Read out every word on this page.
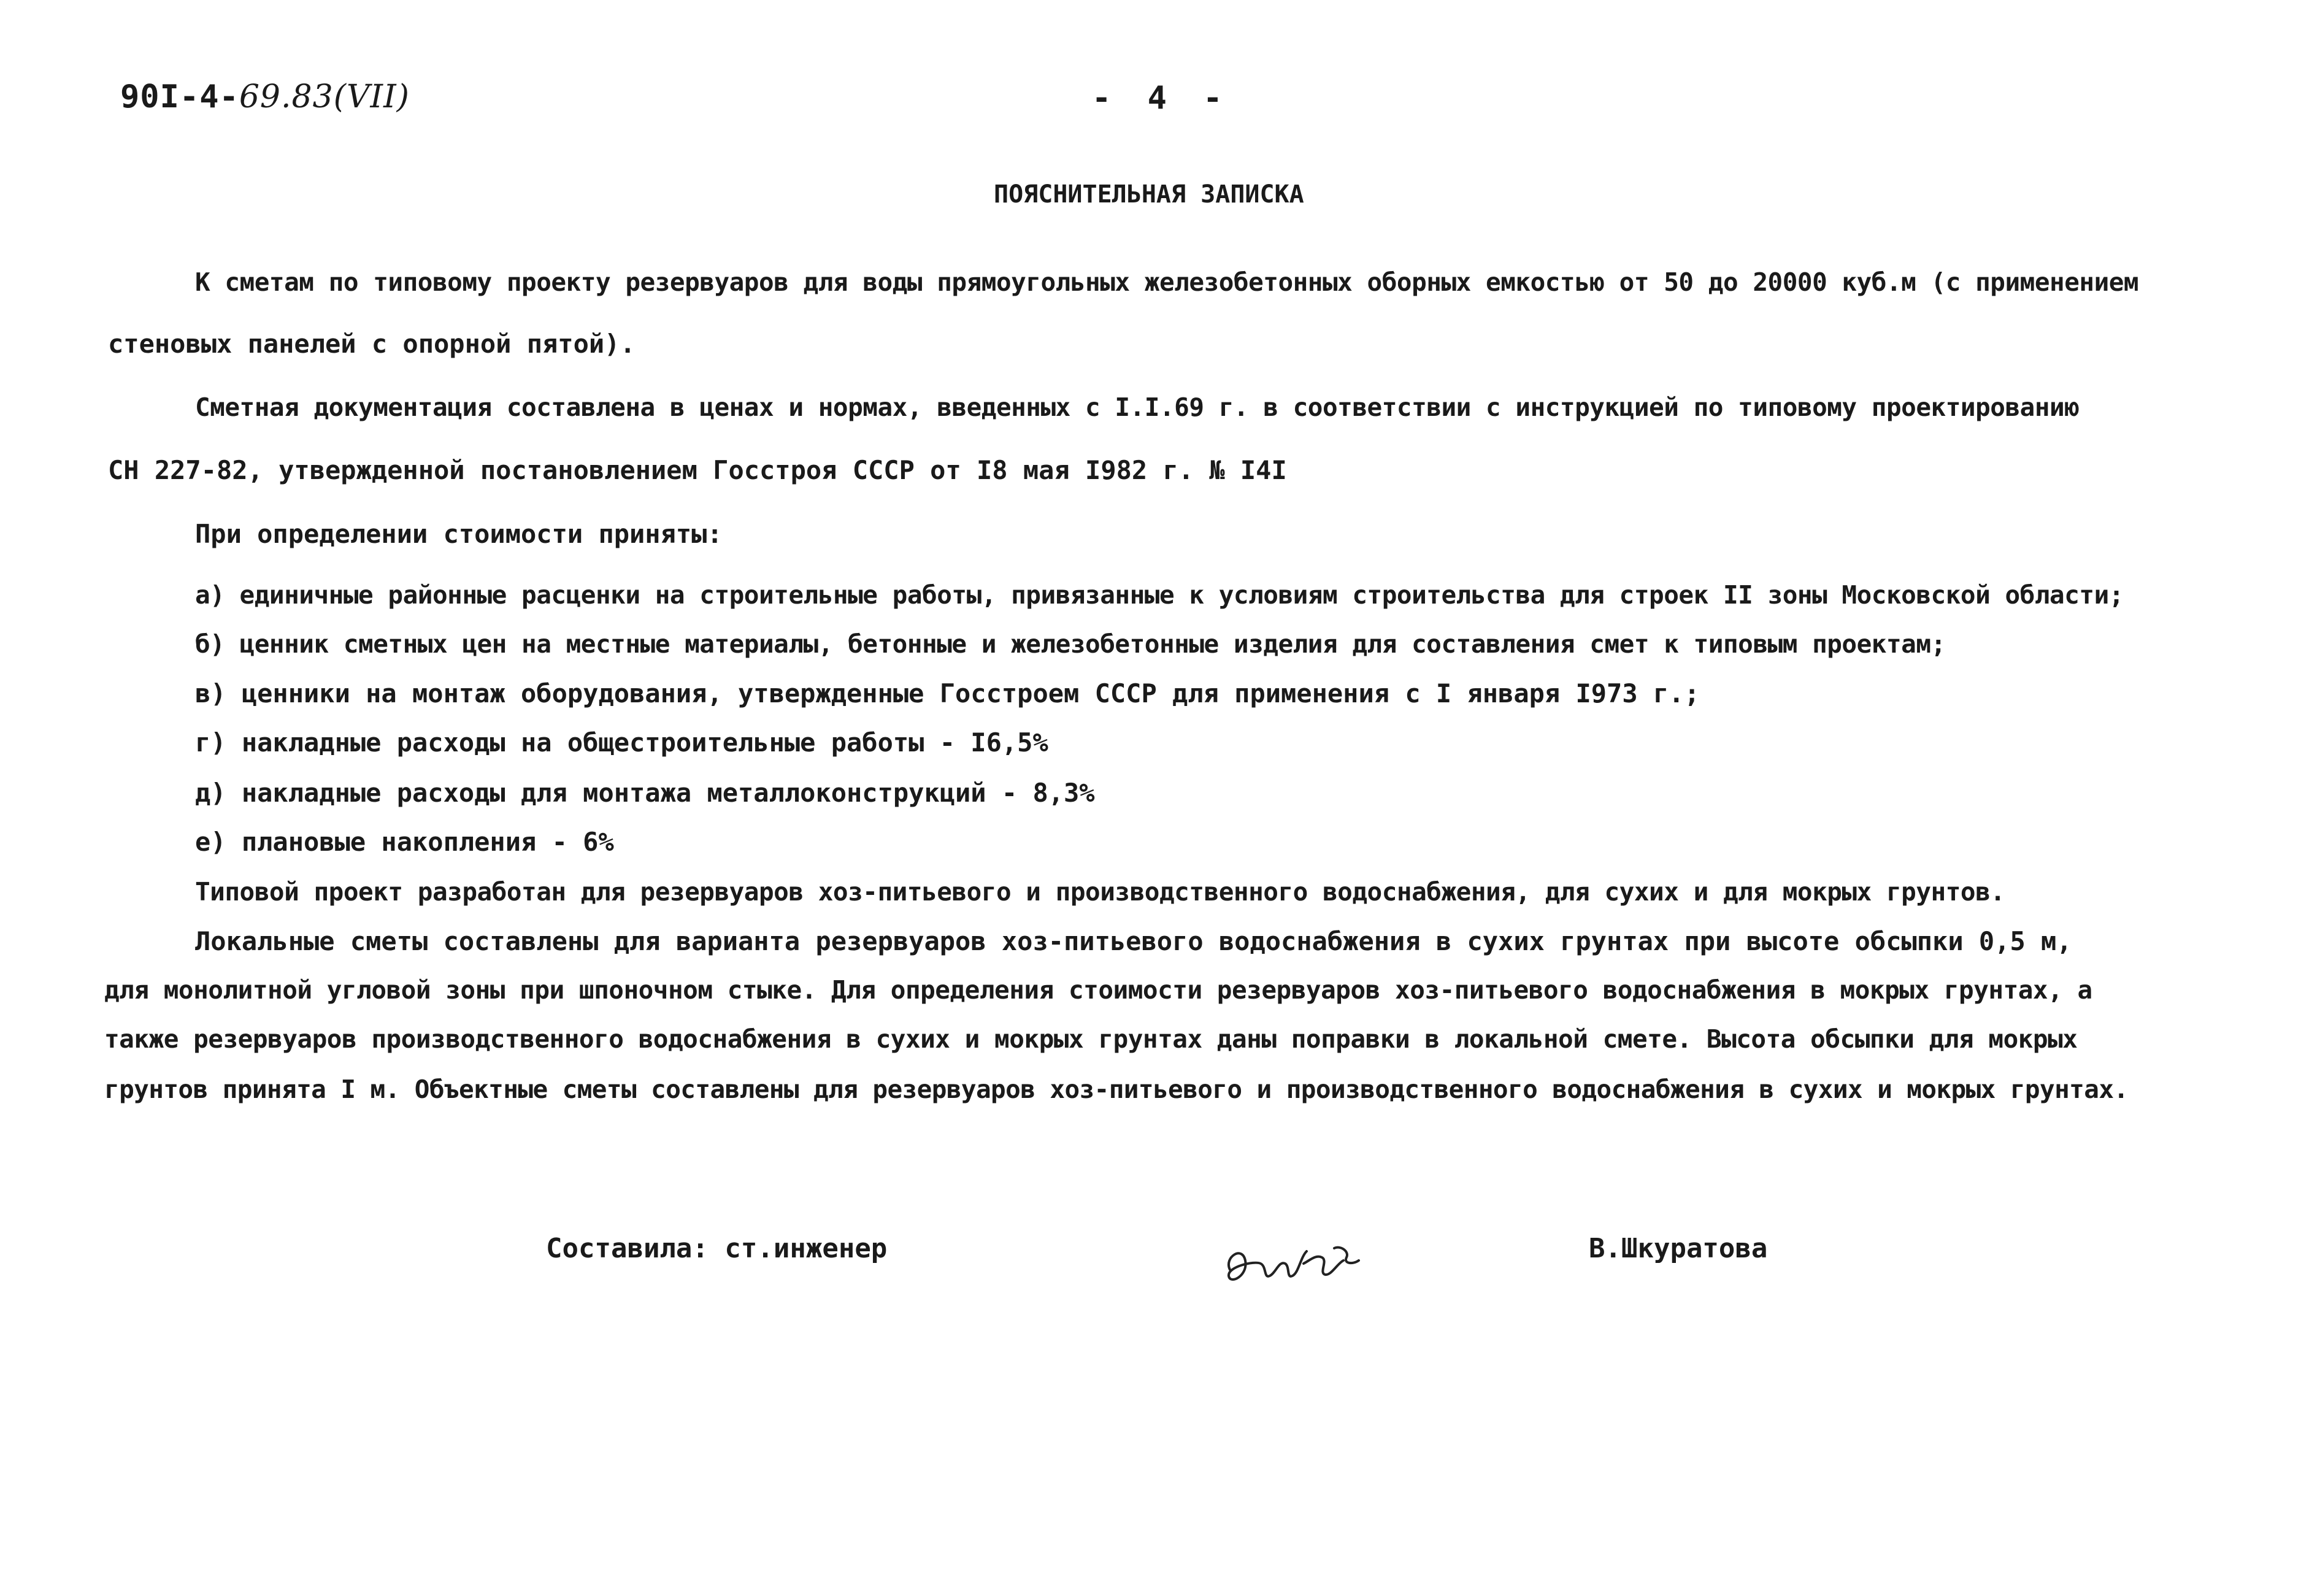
90I-4-69.83(VII)	- 4 -
ПОЯСНИТЕЛЬНАЯ ЗАПИСКА
К сметам по типовому проекту резервуаров для воды прямоугольных железобетонных оборных емкостью от 50 до 20000 куб.м (с применением
стеновых панелей с опорной пятой).
Сметная документация составлена в ценах и нормах, введенных с I.I.69 г. в соответствии с инструкцией по типовому проектированию
СН 227-82, утвержденной постановлением Госстроя СССР от I8 мая I982 г. № I4I
При определении стоимости приняты:
а) единичные районные расценки на строительные работы, привязанные к условиям строительства для строек II зоны Московской области;
б) ценник сметных цен на местные материалы, бетонные и железобетонные изделия для составления смет к типовым проектам;
в) ценники на монтаж оборудования, утвержденные Госстроем СССР для применения с I января I973 г.;
г) накладные расходы на общестроительные работы - I6,5%
д) накладные расходы для монтажа металлоконструкций - 8,3%
е) плановые накопления - 6%
Типовой проект разработан для резервуаров хоз-питьевого и производственного водоснабжения, для сухих и для мокрых грунтов.
Локальные сметы составлены для варианта резервуаров хоз-питьевого водоснабжения в сухих грунтах при высоте обсыпки 0,5 м,
для монолитной угловой зоны при шпоночном стыке. Для определения стоимости резервуаров хоз-питьевого водоснабжения в мокрых грунтах, а
также резервуаров производственного водоснабжения в сухих и мокрых грунтах даны поправки в локальной смете. Высота обсыпки для мокрых
грунтов принята I м. Объектные сметы составлены для резервуаров хоз-питьевого и производственного водоснабжения в сухих и мокрых грунтах.
Составила: ст.инженер	В.Шкуратова
